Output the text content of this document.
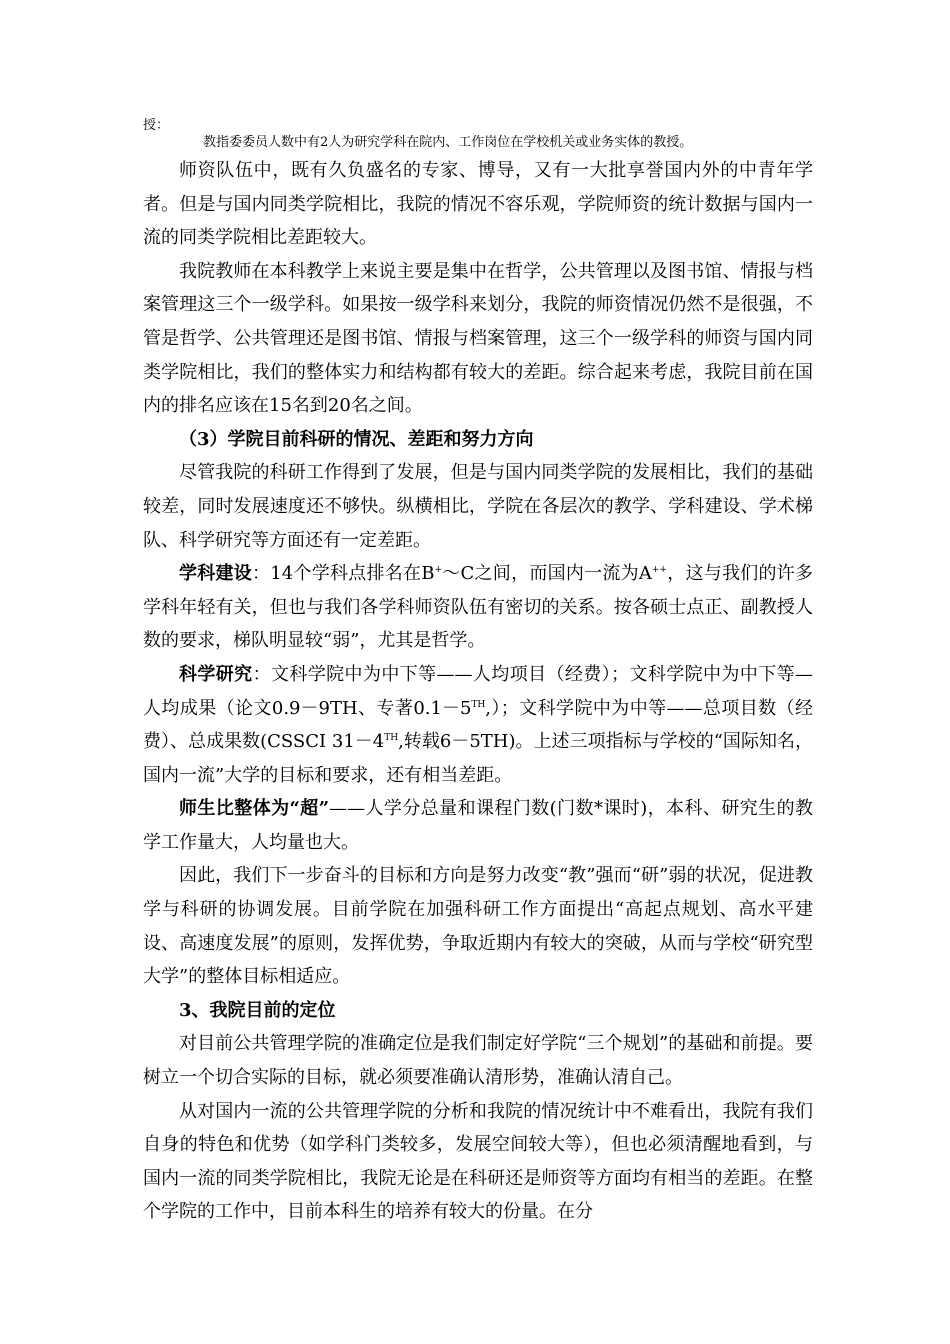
授：
教指委委员人数中有2人为研究学科在院内、工作岗位在学校机关或业务实体的教授。

师资队伍中，既有久负盛名的专家、博导，又有一大批享誉国内外的中青年学者。但是与国内同类学院相比，我院的情况不容乐观，学院师资的统计数据与国内一流的同类学院相比差距较大。

我院教师在本科教学上来说主要是集中在哲学，公共管理以及图书馆、情报与档案管理这三个一级学科。如果按一级学科来划分，我院的师资情况仍然不是很强，不管是哲学、公共管理还是图书馆、情报与档案管理，这三个一级学科的师资与国内同类学院相比，我们的整体实力和结构都有较大的差距。综合起来考虑，我院目前在国内的排名应该在15名到20名之间。

（3）学院目前科研的情况、差距和努力方向

尽管我院的科研工作得到了发展，但是与国内同类学院的发展相比，我们的基础较差，同时发展速度还不够快。纵横相比，学院在各层次的教学、学科建设、学术梯队、科学研究等方面还有一定差距。

学科建设：14个学科点排名在B+～C之间，而国内一流为A++，这与我们的许多学科年轻有关，但也与我们各学科师资队伍有密切的关系。按各硕士点正、副教授人数的要求，梯队明显较“弱”，尤其是哲学。

科学研究：文科学院中为中下等——人均项目（经费）；文科学院中为中下等—人均成果（论文0.9－9TH、专著0.1－5TH,）；文科学院中为中等——总项目数（经费）、总成果数(CSSCI 31－4TH,转载6－5TH)。上述三项指标与学校的“国际知名，国内一流”大学的目标和要求，还有相当差距。

师生比整体为“超”——人学分总量和课程门数(门数*课时)，本科、研究生的教学工作量大，人均量也大。

因此，我们下一步奋斗的目标和方向是努力改变“教”强而“研”弱的状况，促进教学与科研的协调发展。目前学院在加强科研工作方面提出“高起点规划、高水平建设、高速度发展”的原则，发挥优势，争取近期内有较大的突破，从而与学校“研究型大学”的整体目标相适应。

3、我院目前的定位

对目前公共管理学院的准确定位是我们制定好学院“三个规划”的基础和前提。要树立一个切合实际的目标，就必须要准确认清形势，准确认清自己。

从对国内一流的公共管理学院的分析和我院的情况统计中不难看出，我院有我们自身的特色和优势（如学科门类较多，发展空间较大等），但也必须清醒地看到，与国内一流的同类学院相比，我院无论是在科研还是师资等方面均有相当的差距。在整个学院的工作中，目前本科生的培养有较大的份量。在分
